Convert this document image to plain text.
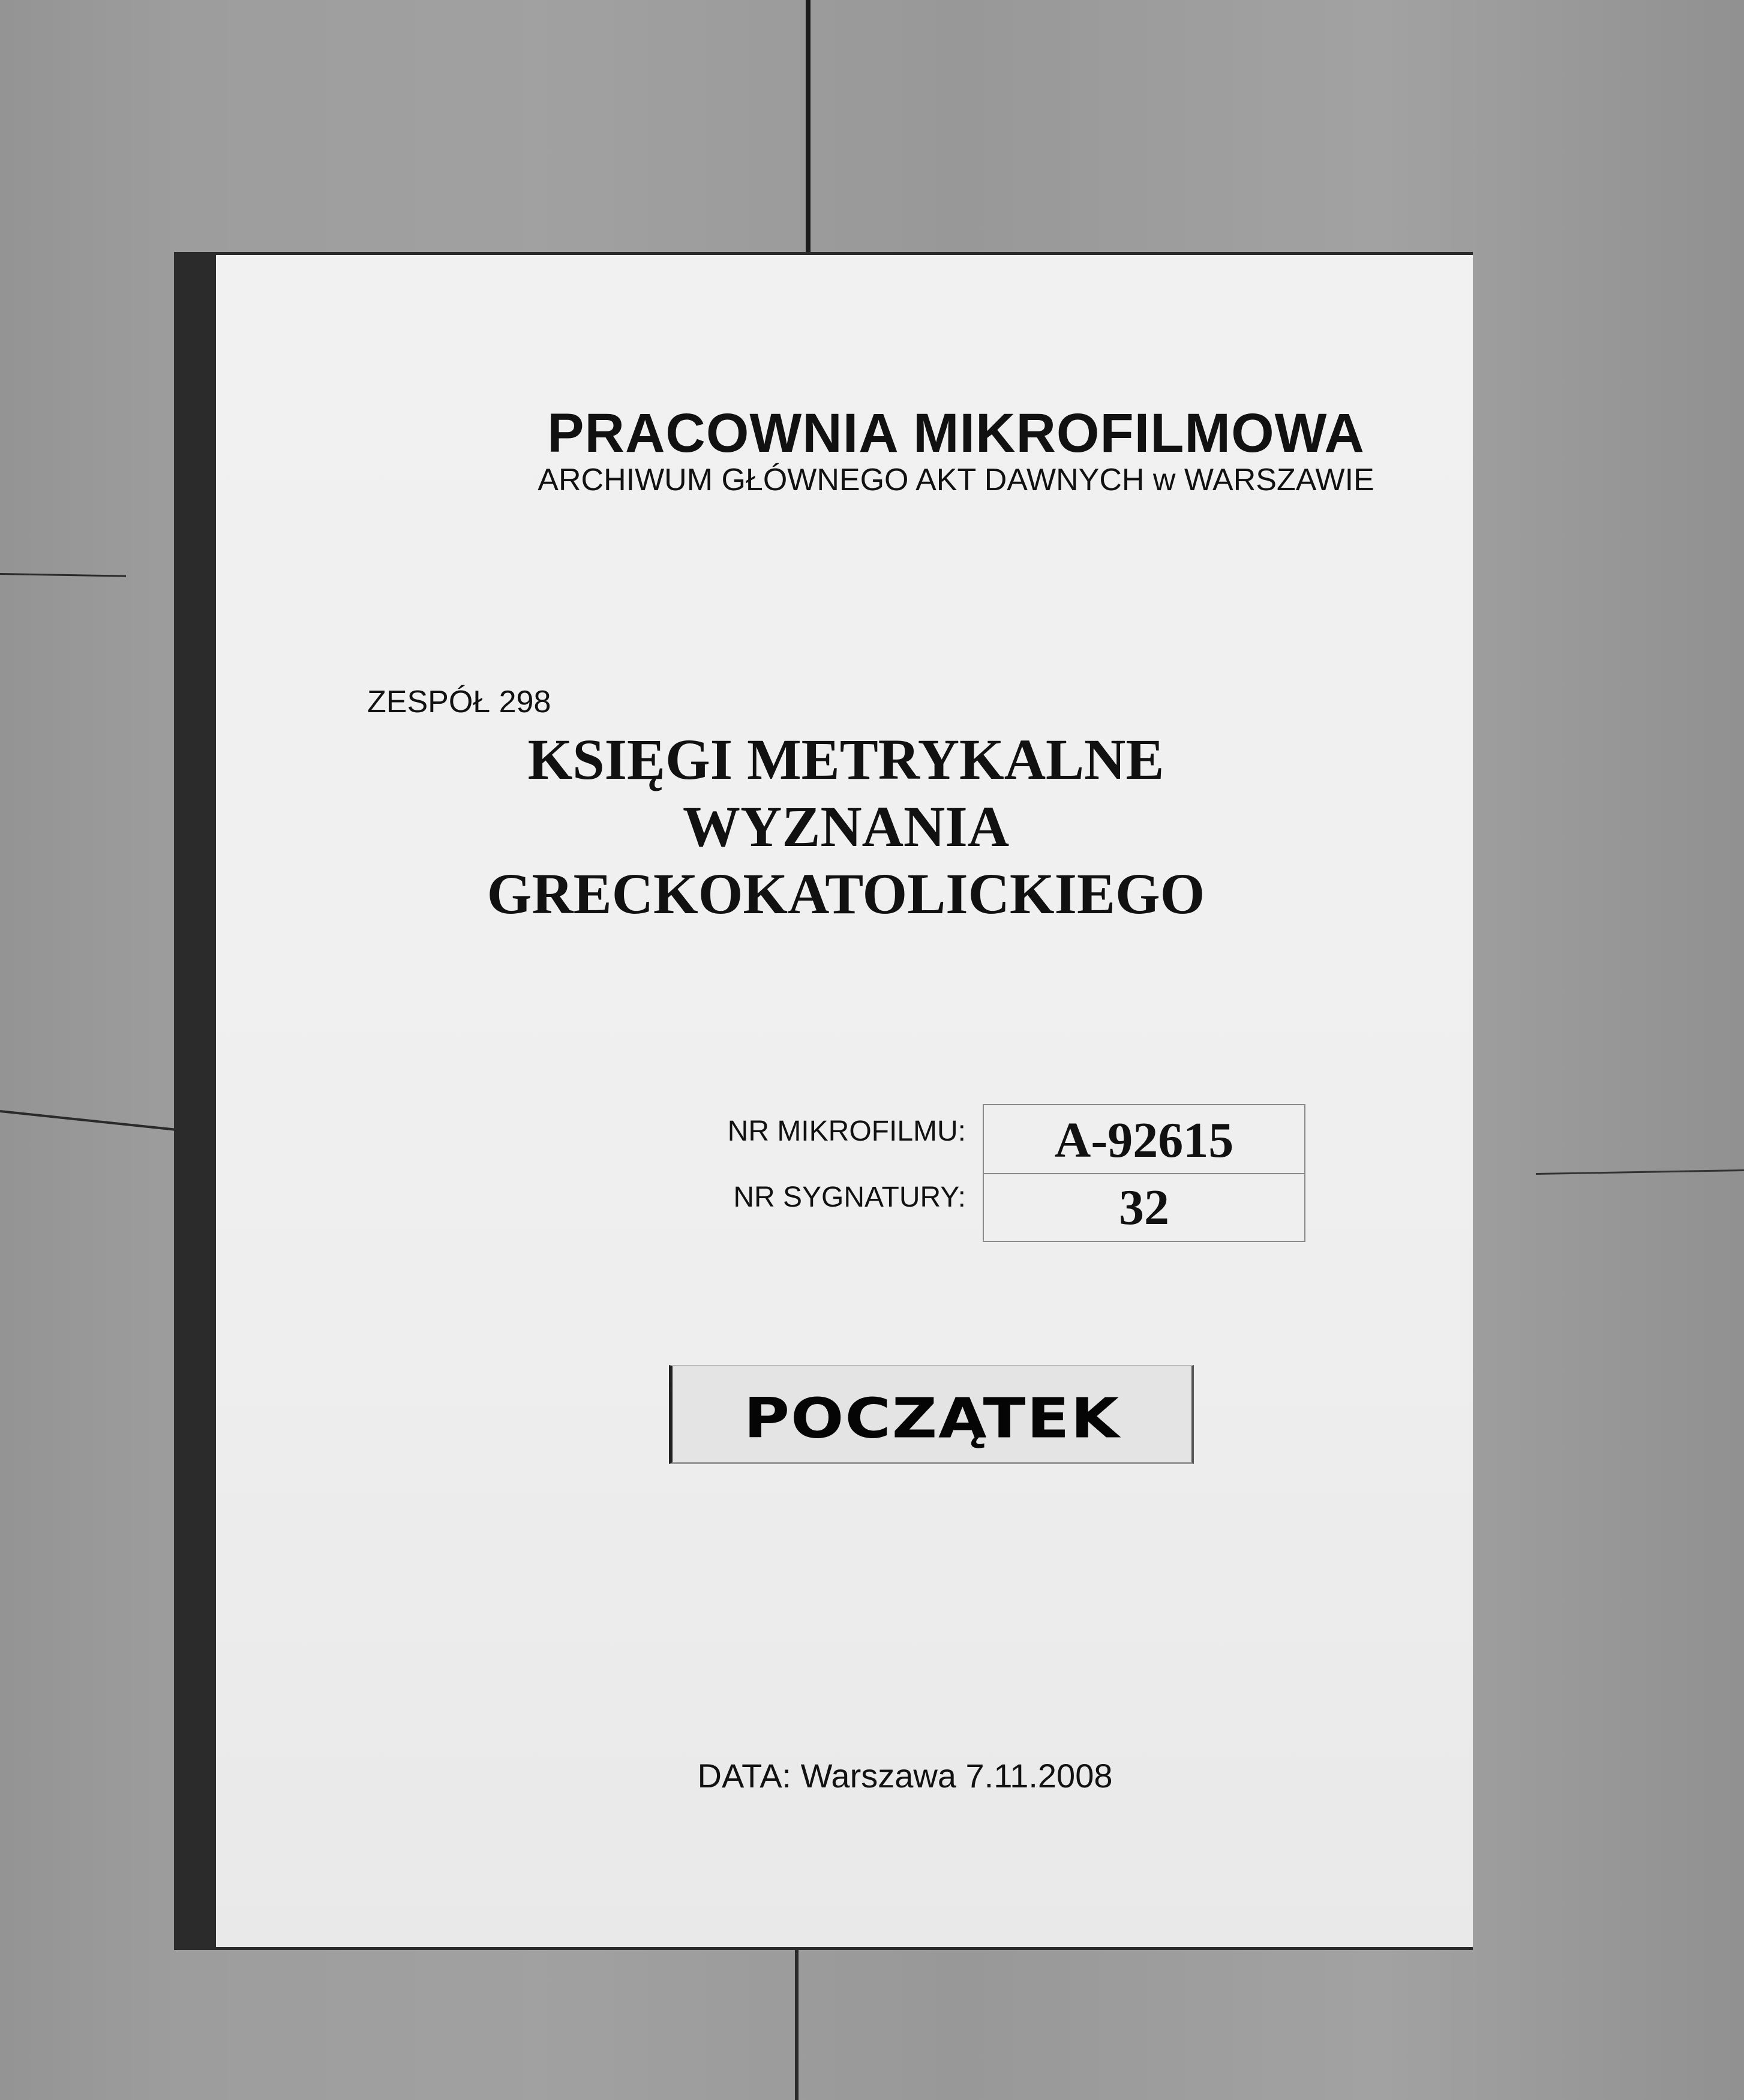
PRACOWNIA MIKROFILMOWA
ARCHIWUM GŁÓWNEGO AKT DAWNYCH w WARSZAWIE
ZESPÓŁ 298
KSIĘGI METRYKALNE
WYZNANIA
GRECKOKATOLICKIEGO
NR MIKROFILMU:
NR SYGNATURY:
A-92615
32
POCZĄTEK
DATA: Warszawa 7.11.2008
